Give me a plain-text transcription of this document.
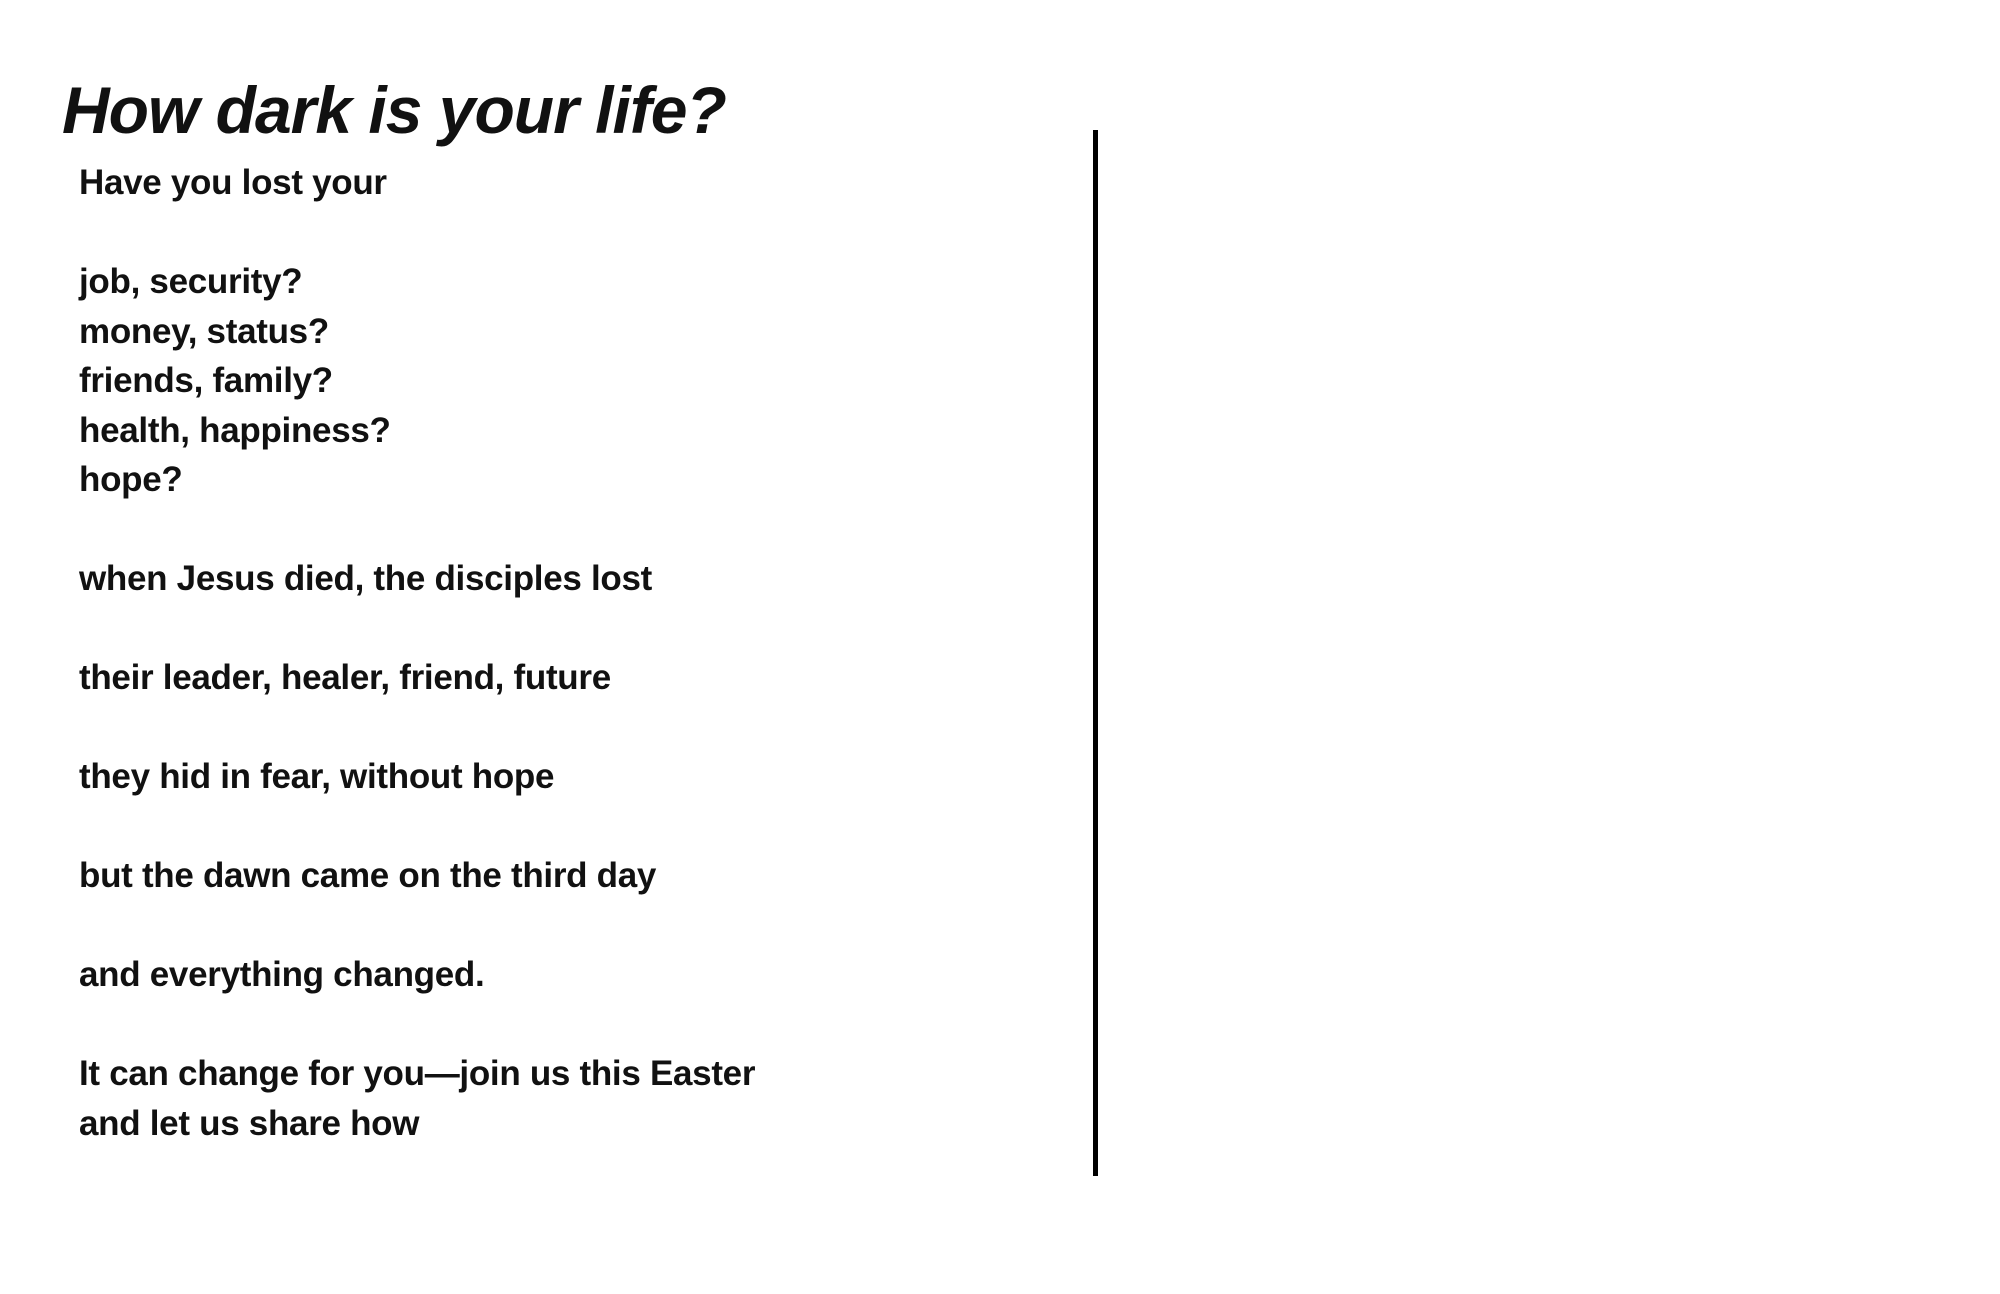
How dark is your life?
Have you lost your
job, security?
money, status?
friends, family?
health, happiness?
hope?
when Jesus died, the disciples lost
their leader, healer, friend, future
they hid in fear, without hope
but the dawn came on the third day
and everything changed.
It can change for you—join us this Easter
and let us share how
